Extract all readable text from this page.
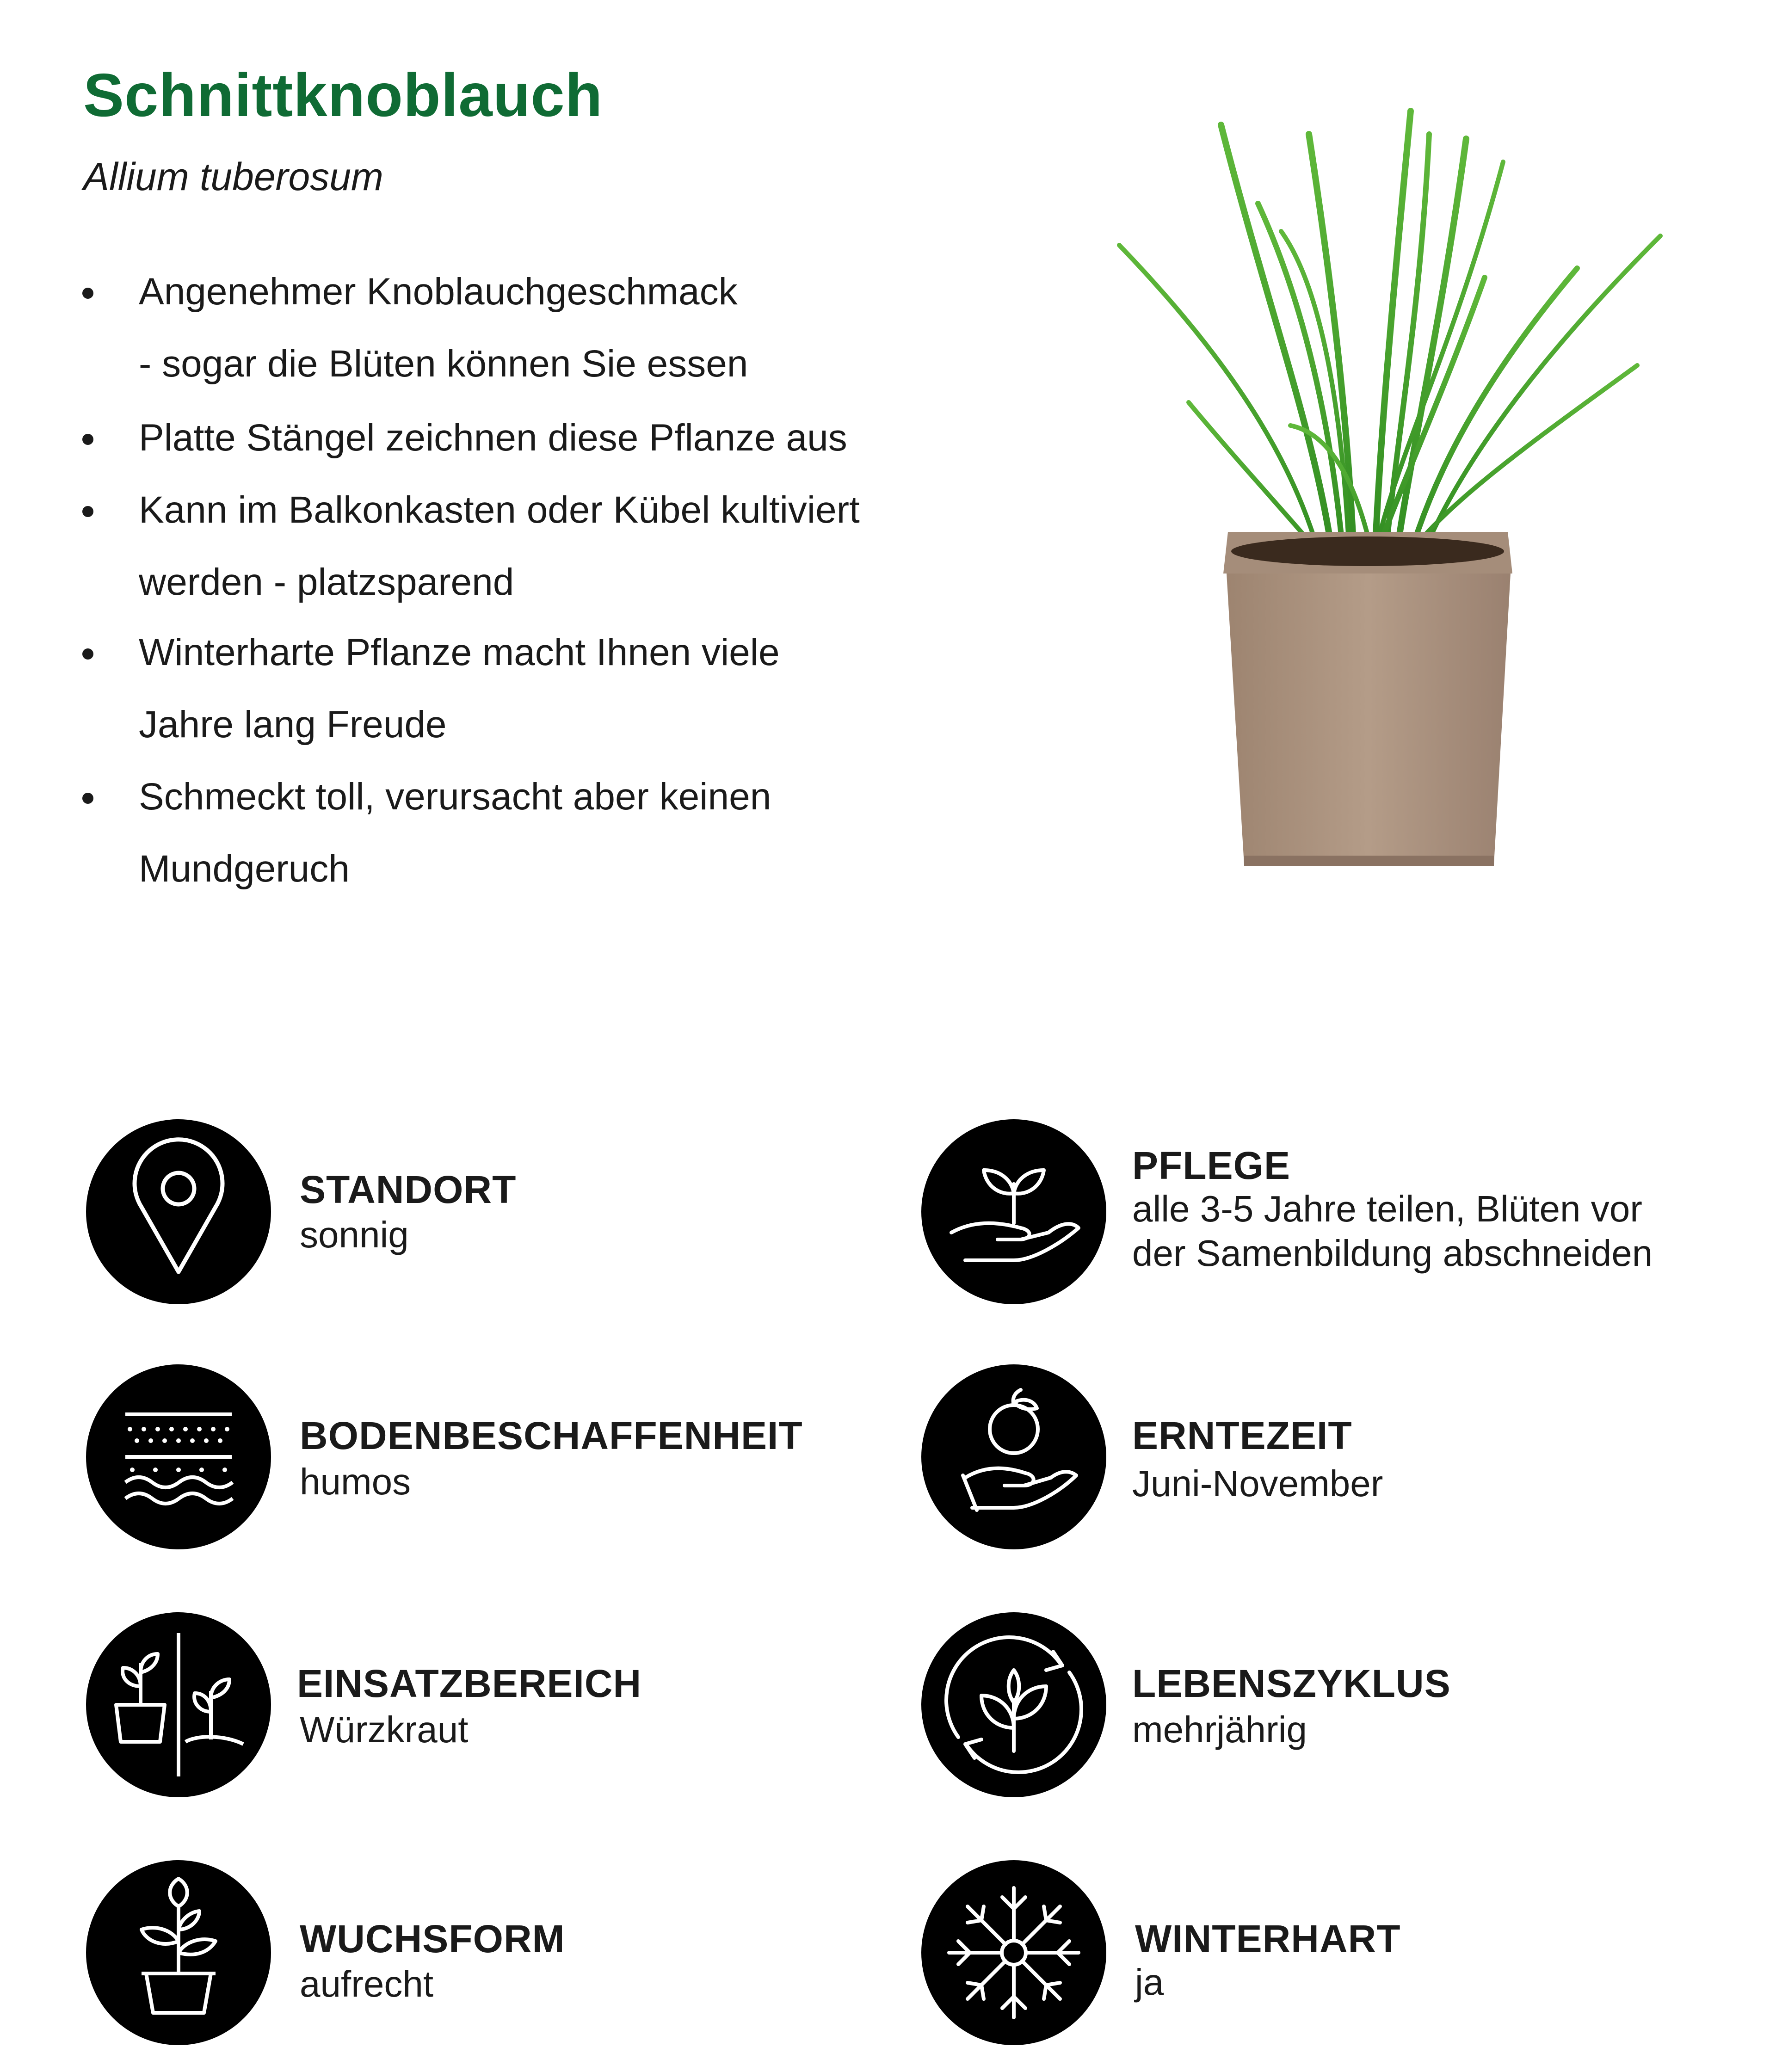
Schnittknoblauch
Allium tuberosum
Angenehmer Knoblauchgeschmack
- sogar die Blüten können Sie essen
Platte Stängel zeichnen diese Pflanze aus
Kann im Balkonkasten oder Kübel kultiviert
werden - platzsparend
Winterharte Pflanze macht Ihnen viele
Jahre lang Freude
Schmeckt toll, verursacht aber keinen
Mundgeruch
STANDORT
sonnig
BODENBESCHAFFENHEIT
humos
EINSATZBEREICH
Würzkraut
WUCHSFORM
aufrecht
PFLEGE
alle 3-5 Jahre teilen, Blüten vor
der Samenbildung abschneiden
ERNTEZEIT
Juni-November
LEBENSZYKLUS
mehrjährig
WINTERHART
ja
